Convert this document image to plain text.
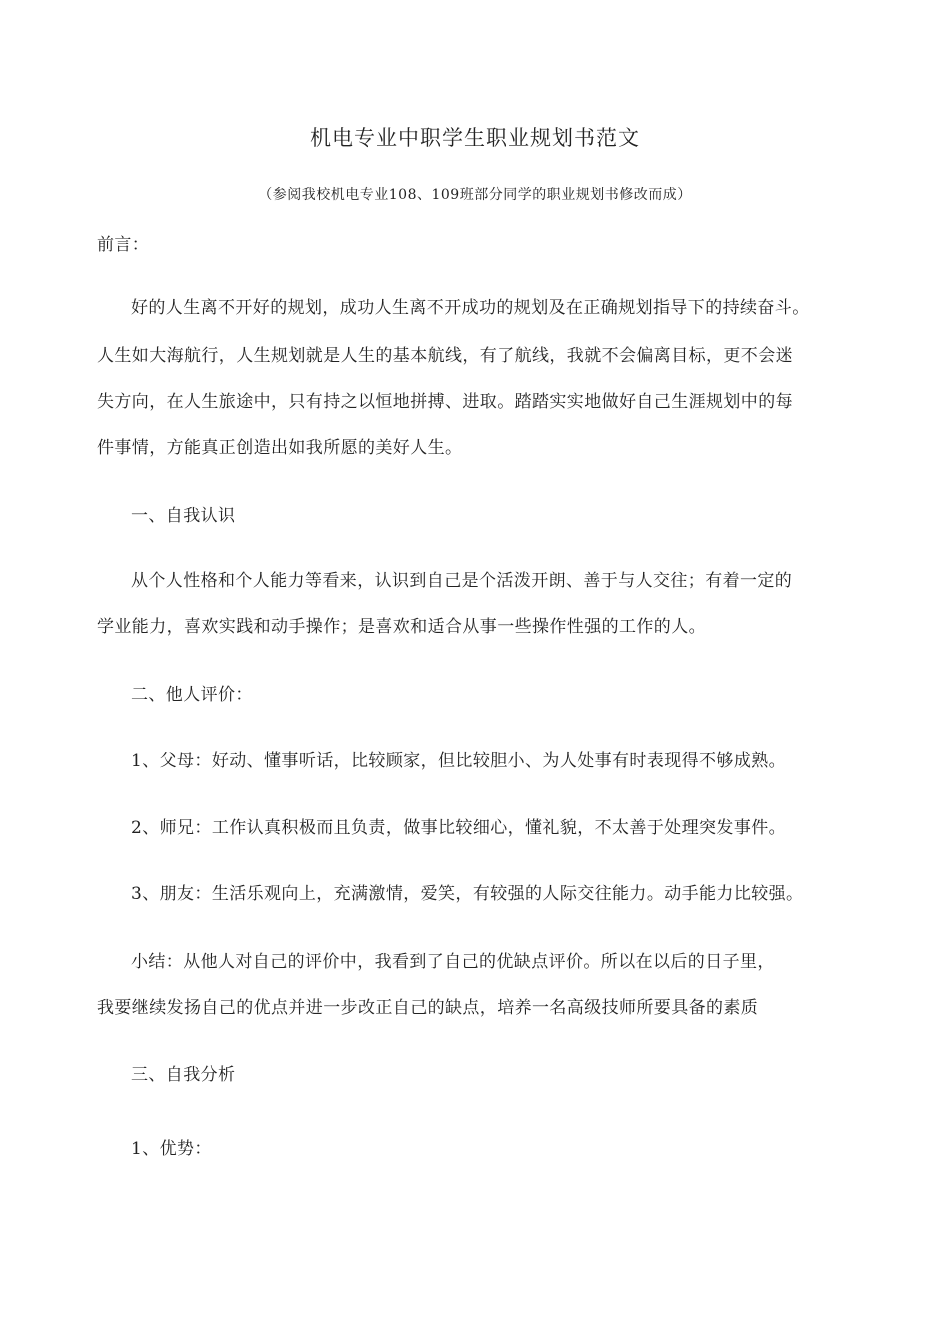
机电专业中职学生职业规划书范文

（参阅我校机电专业108、109班部分同学的职业规划书修改而成）

前言：

好的人生离不开好的规划，成功人生离不开成功的规划及在正确规划指导下的持续奋斗。

人生如大海航行，人生规划就是人生的基本航线，有了航线，我就不会偏离目标，更不会迷

失方向，在人生旅途中，只有持之以恒地拼搏、进取。踏踏实实地做好自己生涯规划中的每

件事情，方能真正创造出如我所愿的美好人生。

一、自我认识

从个人性格和个人能力等看来，认识到自己是个活泼开朗、善于与人交往；有着一定的

学业能力，喜欢实践和动手操作；是喜欢和适合从事一些操作性强的工作的人。

二、他人评价：

1、父母：好动、懂事听话，比较顾家，但比较胆小、为人处事有时表现得不够成熟。

2、师兄：工作认真积极而且负责，做事比较细心，懂礼貌，不太善于处理突发事件。

3、朋友：生活乐观向上，充满激情，爱笑，有较强的人际交往能力。动手能力比较强。

小结：从他人对自己的评价中，我看到了自己的优缺点评价。所以在以后的日子里，

我要继续发扬自己的优点并进一步改正自己的缺点，培养一名高级技师所要具备的素质

三、自我分析

1、优势：
